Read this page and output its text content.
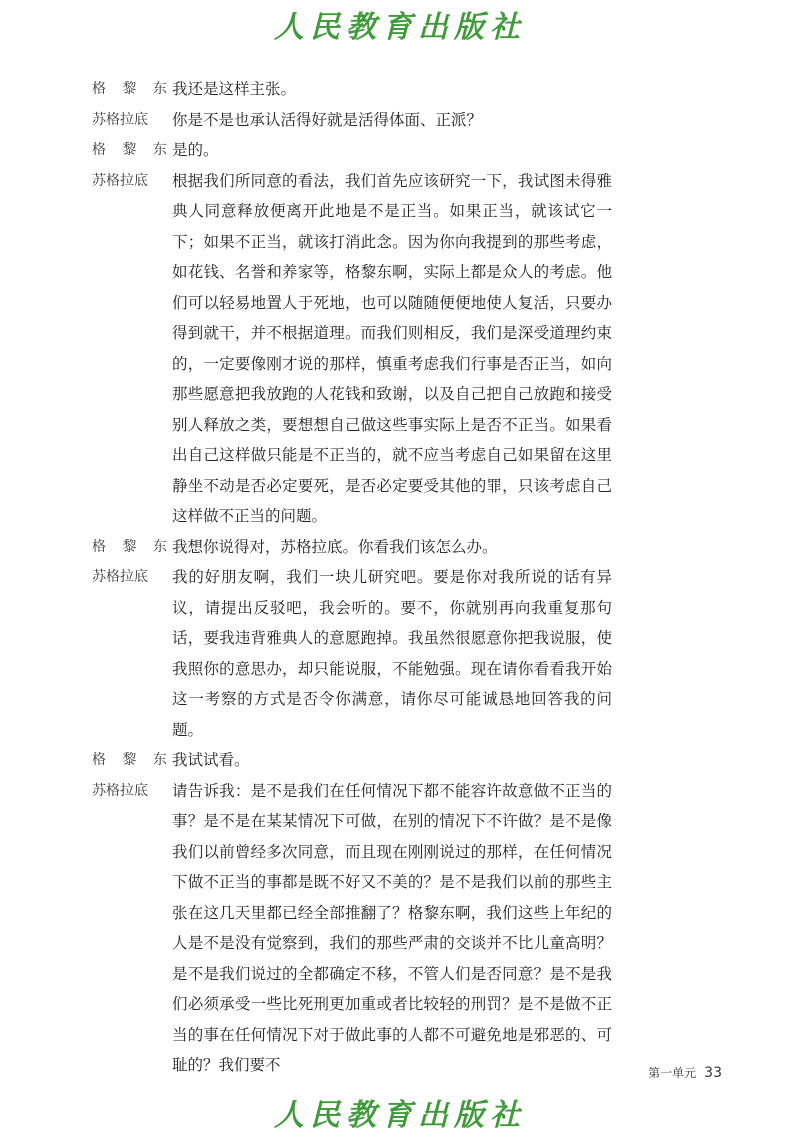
人民教育出版社
格 黎 东 我还是这样主张。
苏格拉底	你是不是也承认活得好就是活得体面、正派？
格 黎 东 是的。
苏格拉底	根据我们所同意的看法，我们首先应该研究一下，我试图未得雅典人同意释放便离开此地是不是正当。如果正当，就该试它一下；如果不正当，就该打消此念。因为你向我提到的那些考虑，如花钱、名誉和养家等，格黎东啊，实际上都是众人的考虑。他们可以轻易地置人于死地，也可以随随便便地使人复活，只要办得到就干，并不根据道理。而我们则相反，我们是深受道理约束的，一定要像刚才说的那样，慎重考虑我们行事是否正当，如向那些愿意把我放跑的人花钱和致谢，以及自己把自己放跑和接受别人释放之类，要想想自己做这些事实际上是否不正当。如果看出自己这样做只能是不正当的，就不应当考虑自己如果留在这里静坐不动是否必定要死，是否必定要受其他的罪，只该考虑自己这样做不正当的问题。
格 黎 东 我想你说得对，苏格拉底。你看我们该怎么办。
苏格拉底	我的好朋友啊，我们一块儿研究吧。要是你对我所说的话有异议，请提出反驳吧，我会听的。要不，你就别再向我重复那句话，要我违背雅典人的意愿跑掉。我虽然很愿意你把我说服，使我照你的意思办，却只能说服，不能勉强。现在请你看看我开始这一考察的方式是否令你满意，请你尽可能诚恳地回答我的问题。
格 黎 东 我试试看。
苏格拉底	请告诉我：是不是我们在任何情况下都不能容许故意做不正当的事？是不是在某某情况下可做，在别的情况下不许做？是不是像我们以前曾经多次同意，而且现在刚刚说过的那样，在任何情况下做不正当的事都是既不好又不美的？是不是我们以前的那些主张在这几天里都已经全部推翻了？格黎东啊，我们这些上年纪的人是不是没有觉察到，我们的那些严肃的交谈并不比儿童高明？是不是我们说过的全都确定不移，不管人们是否同意？是不是我们必须承受一些比死刑更加重或者比较轻的刑罚？是不是做不正当的事在任何情况下对于做此事的人都不可避免地是邪恶的、可耻的？我们要不	第一单元 33
人民教育出版社
